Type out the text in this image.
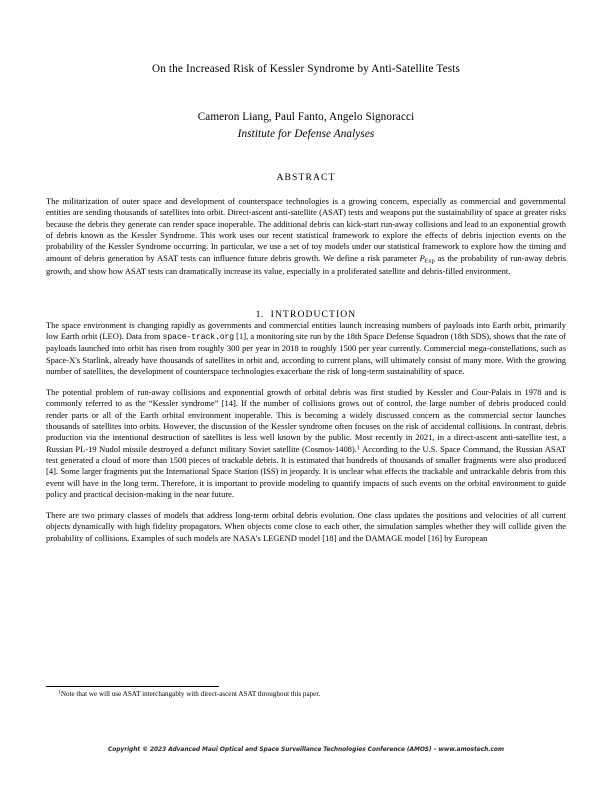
On the Increased Risk of Kessler Syndrome by Anti-Satellite Tests
Cameron Liang, Paul Fanto, Angelo Signoracci
Institute for Defense Analyses
ABSTRACT

The militarization of outer space and development of counterspace technologies is a growing concern, especially as commercial and governmental entities are sending thousands of satellites into orbit. Direct-ascent anti-satellite (ASAT) tests and weapons put the sustainability of space at greater risks because the debris they generate can render space inoperable. The additional debris can kick-start run-away collisions and lead to an exponential growth of debris known as the Kessler Syndrome. This work uses our recent statistical framework to explore the effects of debris injection events on the probability of the Kessler Syndrome occurring. In particular, we use a set of toy models under our statistical framework to explore how the timing and amount of debris generation by ASAT tests can influence future debris growth. We define a risk parameter $P_{Exp}$ as the probability of run-away debris growth, and show how ASAT tests can dramatically increase its value, especially in a proliferated satellite and debris-filled environment.

1. INTRODUCTION

The space environment is changing rapidly as governments and commercial entities launch increasing numbers of payloads into Earth orbit, primarily low Earth orbit (LEO). Data from space-track.org [1], a monitoring site run by the 18th Space Defense Squadron (18th SDS), shows that the rate of payloads launched into orbit has risen from roughly 300 per year in 2018 to roughly 1500 per year currently. Commercial mega-constellations, such as Space-X's Starlink, already have thousands of satellites in orbit and, according to current plans, will ultimately consist of many more. With the growing number of satellites, the development of counterspace technologies exacerbate the risk of long-term sustainability of space.

The potential problem of run-away collisions and exponential growth of orbital debris was first studied by Kessler and Cour-Palais in 1978 and is commonly referred to as the “Kessler syndrome” [14]. If the number of collisions grows out of control, the large number of debris produced could render parts or all of the Earth orbital environment inoperable. This is becoming a widely discussed concern as the commercial sector launches thousands of satellites into orbits. However, the discussion of the Kessler syndrome often focuses on the risk of accidental collisions. In contrast, debris production via the intentional destruction of satellites is less well known by the public. Most recently in 2021, in a direct-ascent anti-satellite test, a Russian PL-19 Nudol missile destroyed a defunct military Soviet satellite (Cosmos-1408).$^1$ According to the U.S. Space Command, the Russian ASAT test generated a cloud of more than 1500 pieces of trackable debris. It is estimated that hundreds of thousands of smaller fragments were also produced [4]. Some larger fragments put the International Space Station (ISS) in jeopardy. It is unclear what effects the trackable and untrackable debris from this event will have in the long term. Therefore, it is important to provide modeling to quantify impacts of such events on the orbital environment to guide policy and practical decision-making in the near future.

There are two primary classes of models that address long-term orbital debris evolution. One class updates the positions and velocities of all current objects dynamically with high fidelity propagators. When objects come close to each other, the simulation samples whether they will collide given the probability of collisions. Examples of such models are NASA's LEGEND model [18] and the DAMAGE model [16] by European

$^1$Note that we will use ASAT interchangably with direct-ascent ASAT throughout this paper.

Copyright © 2023 Advanced Maui Optical and Space Surveillance Technologies Conference (AMOS) – www.amostech.com
